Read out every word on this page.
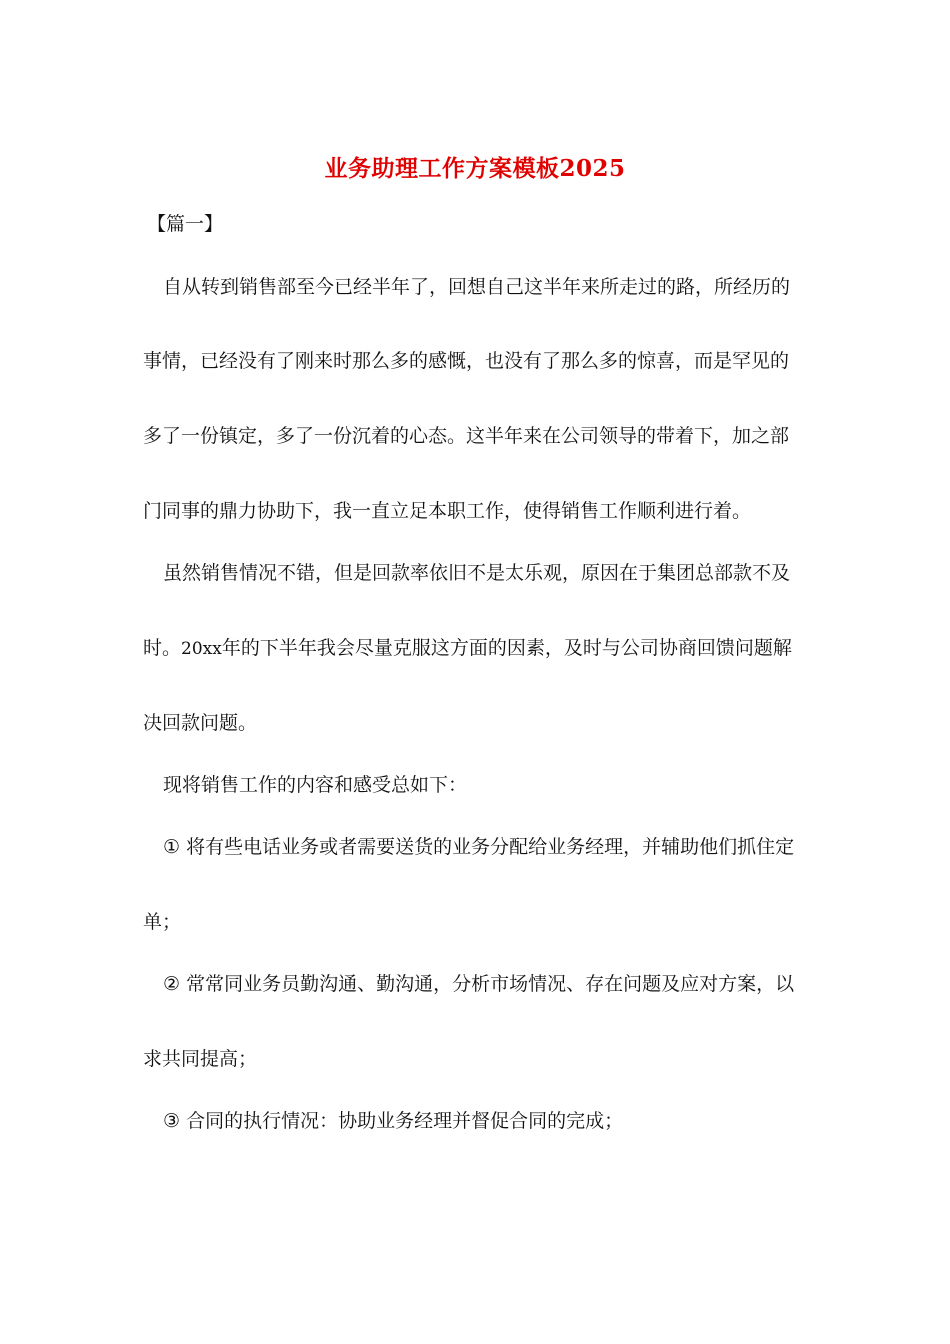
业务助理工作方案模板2025
【篇一】
自从转到销售部至今已经半年了，回想自己这半年来所走过的路，所经历的
事情，已经没有了刚来时那么多的感慨，也没有了那么多的惊喜，而是罕见的
多了一份镇定，多了一份沉着的心态。这半年来在公司领导的带着下，加之部
门同事的鼎力协助下，我一直立足本职工作，使得销售工作顺利进行着。
虽然销售情况不错，但是回款率依旧不是太乐观，原因在于集团总部款不及
时。20xx年的下半年我会尽量克服这方面的因素，及时与公司协商回馈问题解
决回款问题。
现将销售工作的内容和感受总如下：
① 将有些电话业务或者需要送货的业务分配给业务经理，并辅助他们抓住定
单；
② 常常同业务员勤沟通、勤沟通，分析市场情况、存在问题及应对方案，以
求共同提高；
③ 合同的执行情况：协助业务经理并督促合同的完成；
